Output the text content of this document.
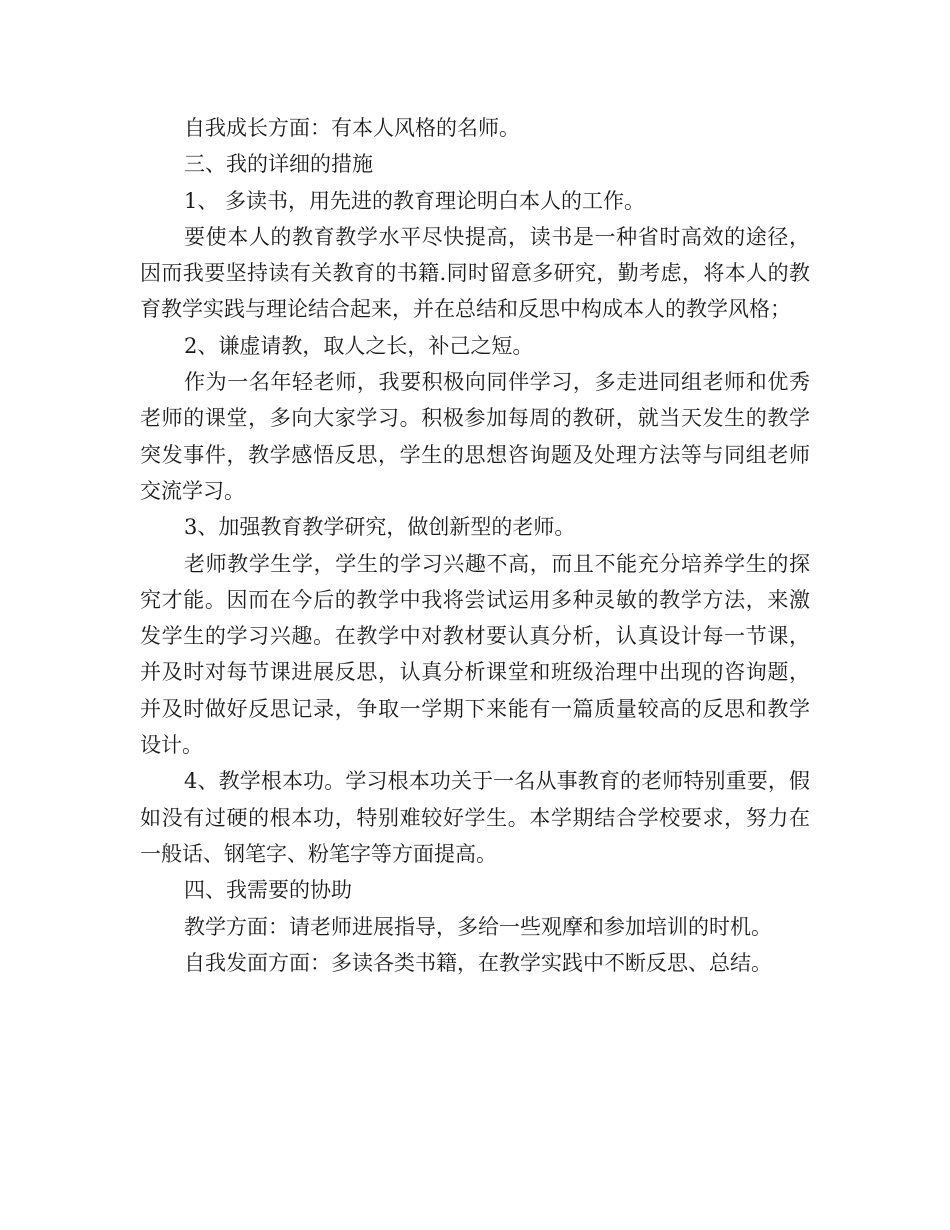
自我成长方面：有本人风格的名师。

三、我的详细的措施

1、 多读书，用先进的教育理论明白本人的工作。

要使本人的教育教学水平尽快提高，读书是一种省时高效的途径，因而我要坚持读有关教育的书籍.同时留意多研究，勤考虑，将本人的教育教学实践与理论结合起来，并在总结和反思中构成本人的教学风格；

2、谦虚请教，取人之长，补己之短。

作为一名年轻老师，我要积极向同伴学习，多走进同组老师和优秀老师的课堂，多向大家学习。积极参加每周的教研，就当天发生的教学突发事件，教学感悟反思，学生的思想咨询题及处理方法等与同组老师交流学习。

3、加强教育教学研究，做创新型的老师。

老师教学生学，学生的学习兴趣不高，而且不能充分培养学生的探究才能。因而在今后的教学中我将尝试运用多种灵敏的教学方法，来激发学生的学习兴趣。在教学中对教材要认真分析，认真设计每一节课，并及时对每节课进展反思，认真分析课堂和班级治理中出现的咨询题，并及时做好反思记录，争取一学期下来能有一篇质量较高的反思和教学设计。

4、教学根本功。学习根本功关于一名从事教育的老师特别重要，假如没有过硬的根本功，特别难较好学生。本学期结合学校要求，努力在一般话、钢笔字、粉笔字等方面提高。

四、我需要的协助

教学方面：请老师进展指导，多给一些观摩和参加培训的时机。

自我发面方面：多读各类书籍，在教学实践中不断反思、总结。
